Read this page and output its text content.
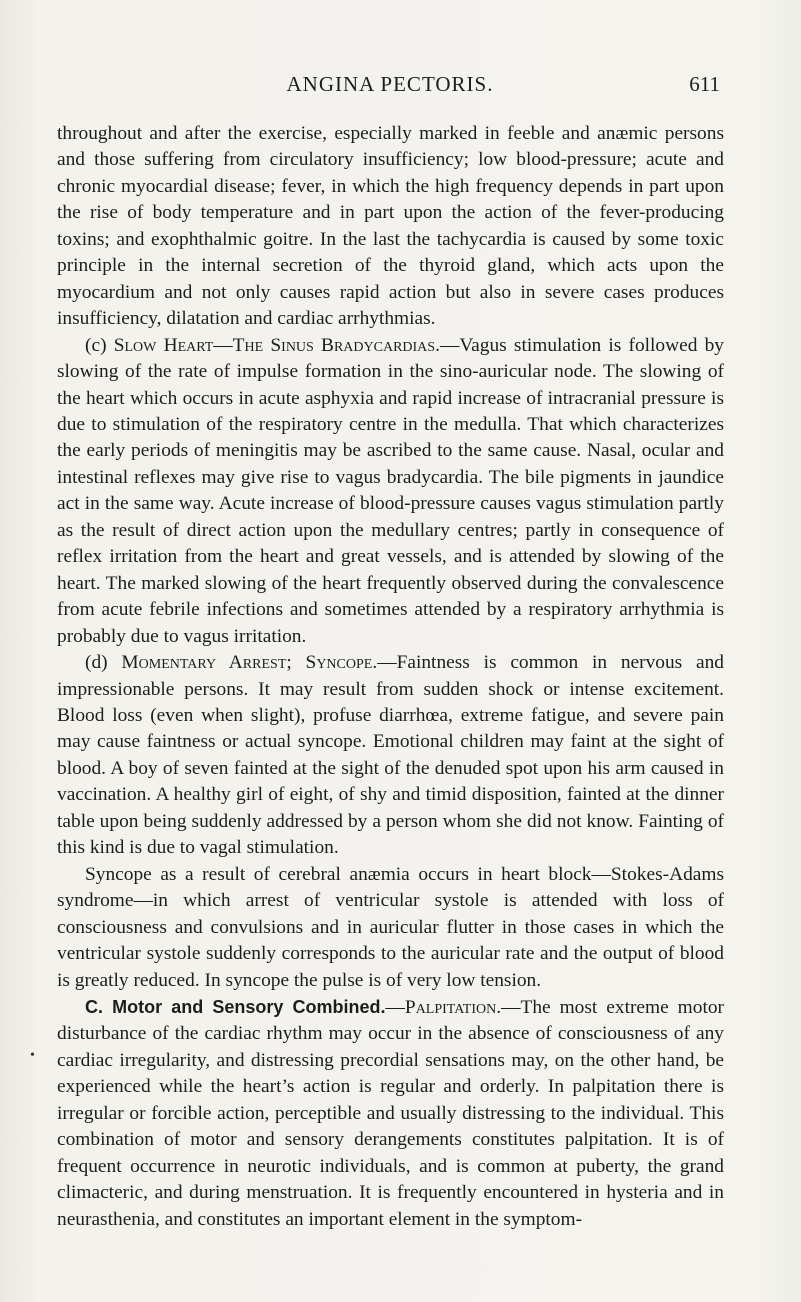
ANGINA PECTORIS.	611
•

throughout and after the exercise, especially marked in feeble and anæmic persons and those suffering from circulatory insufficiency; low blood-pressure; acute and chronic myocardial disease; fever, in which the high frequency depends in part upon the rise of body temperature and in part upon the action of the fever-producing toxins; and exophthalmic goitre. In the last the tachycardia is caused by some toxic principle in the internal secretion of the thyroid gland, which acts upon the myocardium and not only causes rapid action but also in severe cases produces insufficiency, dilatation and cardiac arrhythmias.

(c) Slow Heart—The Sinus Bradycardias.—Vagus stimulation is followed by slowing of the rate of impulse formation in the sino-auricular node. The slowing of the heart which occurs in acute asphyxia and rapid increase of intracranial pressure is due to stimulation of the respiratory centre in the medulla. That which characterizes the early periods of meningitis may be ascribed to the same cause. Nasal, ocular and intestinal reflexes may give rise to vagus bradycardia. The bile pigments in jaundice act in the same way. Acute increase of blood-pressure causes vagus stimulation partly as the result of direct action upon the medullary centres; partly in consequence of reflex irritation from the heart and great vessels, and is attended by slowing of the heart. The marked slowing of the heart frequently observed during the convalescence from acute febrile infections and sometimes attended by a respiratory arrhythmia is probably due to vagus irritation.

(d) Momentary Arrest; Syncope.—Faintness is common in nervous and impressionable persons. It may result from sudden shock or intense excitement. Blood loss (even when slight), profuse diarrhœa, extreme fatigue, and severe pain may cause faintness or actual syncope. Emotional children may faint at the sight of blood. A boy of seven fainted at the sight of the denuded spot upon his arm caused in vaccination. A healthy girl of eight, of shy and timid disposition, fainted at the dinner table upon being suddenly addressed by a person whom she did not know. Fainting of this kind is due to vagal stimulation.

Syncope as a result of cerebral anæmia occurs in heart block—Stokes-Adams syndrome—in which arrest of ventricular systole is attended with loss of consciousness and convulsions and in auricular flutter in those cases in which the ventricular systole suddenly corresponds to the auricular rate and the output of blood is greatly reduced. In syncope the pulse is of very low tension.

C. Motor and Sensory Combined.—Palpitation.—The most extreme motor disturbance of the cardiac rhythm may occur in the absence of consciousness of any cardiac irregularity, and distressing precordial sensations may, on the other hand, be experienced while the heart’s action is regular and orderly. In palpitation there is irregular or forcible action, perceptible and usually distressing to the individual. This combination of motor and sensory derangements constitutes palpitation. It is of frequent occurrence in neurotic individuals, and is common at puberty, the grand climacteric, and during menstruation. It is frequently encountered in hysteria and in neurasthenia, and constitutes an important element in the symptom-
